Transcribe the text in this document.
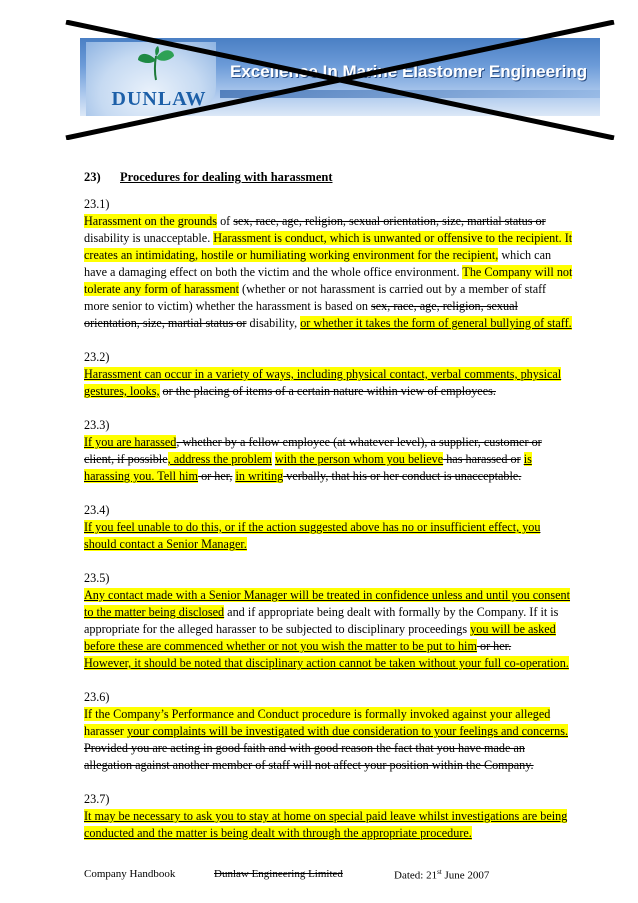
DUNLAW
Excellence In Marine Elastomer Engineering
23) Procedures for dealing with harassment
23.1)
Harassment on the grounds of sex, race, age, religion, sexual orientation, size, martial status or disability is unacceptable. Harassment is conduct, which is unwanted or offensive to the recipient. It creates an intimidating, hostile or humiliating working environment for the recipient, which can have a damaging effect on both the victim and the whole office environment. The Company will not tolerate any form of harassment (whether or not harassment is carried out by a member of staff more senior to victim) whether the harassment is based on sex, race, age, religion, sexual orientation, size, martial status or disability, or whether it takes the form of general bullying of staff.
23.2)
Harassment can occur in a variety of ways, including physical contact, verbal comments, physical gestures, looks, or the placing of items of a certain nature within view of employees.
23.3)
If you are harassed, whether by a fellow employee (at whatever level), a supplier, customer or client, if possible, address the problem with the person whom you believe has harassed or is harassing you. Tell him or her, in writing verbally, that his or her conduct is unacceptable.
23.4)
If you feel unable to do this, or if the action suggested above has no or insufficient effect, you should contact a Senior Manager.
23.5)
Any contact made with a Senior Manager will be treated in confidence unless and until you consent to the matter being disclosed and if appropriate being dealt with formally by the Company. If it is appropriate for the alleged harasser to be subjected to disciplinary proceedings you will be asked before these are commenced whether or not you wish the matter to be put to him or her.
However, it should be noted that disciplinary action cannot be taken without your full co-operation.
23.6)
If the Company’s Performance and Conduct procedure is formally invoked against your alleged harasser your complaints will be investigated with due consideration to your feelings and concerns. Provided you are acting in good faith and with good reason the fact that you have made an allegation against another member of staff will not affect your position within the Company.
23.7)
It may be necessary to ask you to stay at home on special paid leave whilst investigations are being conducted and the matter is being dealt with through the appropriate procedure.
Company Handbook	Dunlaw Engineering Limited	Dated: 21st June 2007
